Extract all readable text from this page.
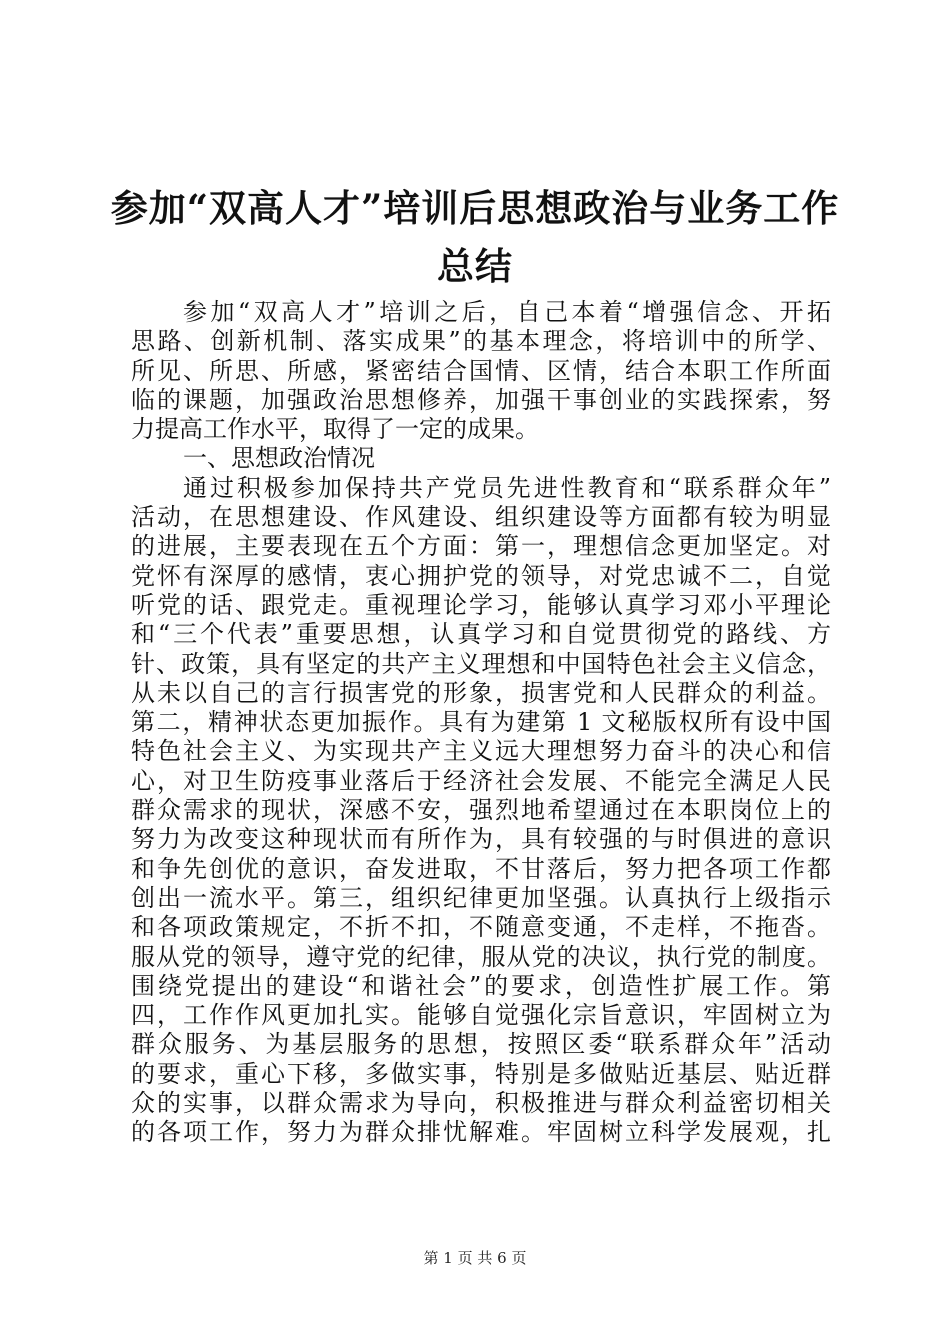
参加“双高人才”培训后思想政治与业务工作
总结
参加“双高人才”培训之后，自己本着“增强信念、开拓
思路、创新机制、落实成果”的基本理念，将培训中的所学、
所见、所思、所感，紧密结合国情、区情，结合本职工作所面
临的课题，加强政治思想修养，加强干事创业的实践探索，努
力提高工作水平，取得了一定的成果。
一、思想政治情况
通过积极参加保持共产党员先进性教育和“联系群众年”
活动，在思想建设、作风建设、组织建设等方面都有较为明显
的进展，主要表现在五个方面：第一，理想信念更加坚定。对
党怀有深厚的感情，衷心拥护党的领导，对党忠诚不二，自觉
听党的话、跟党走。重视理论学习，能够认真学习邓小平理论
和“三个代表”重要思想，认真学习和自觉贯彻党的路线、方
针、政策，具有坚定的共产主义理想和中国特色社会主义信念，
从未以自己的言行损害党的形象，损害党和人民群众的利益。
第二，精神状态更加振作。具有为建第 1 文秘版权所有设中国
特色社会主义、为实现共产主义远大理想努力奋斗的决心和信
心，对卫生防疫事业落后于经济社会发展、不能完全满足人民
群众需求的现状，深感不安，强烈地希望通过在本职岗位上的
努力为改变这种现状而有所作为，具有较强的与时俱进的意识
和争先创优的意识，奋发进取，不甘落后，努力把各项工作都
创出一流水平。第三，组织纪律更加坚强。认真执行上级指示
和各项政策规定，不折不扣，不随意变通，不走样，不拖沓。
服从党的领导，遵守党的纪律，服从党的决议，执行党的制度。
围绕党提出的建设“和谐社会”的要求，创造性扩展工作。第
四，工作作风更加扎实。能够自觉强化宗旨意识，牢固树立为
群众服务、为基层服务的思想，按照区委“联系群众年”活动
的要求，重心下移，多做实事，特别是多做贴近基层、贴近群
众的实事，以群众需求为导向，积极推进与群众利益密切相关
的各项工作，努力为群众排忧解难。牢固树立科学发展观，扎
第 1 页 共 6 页
